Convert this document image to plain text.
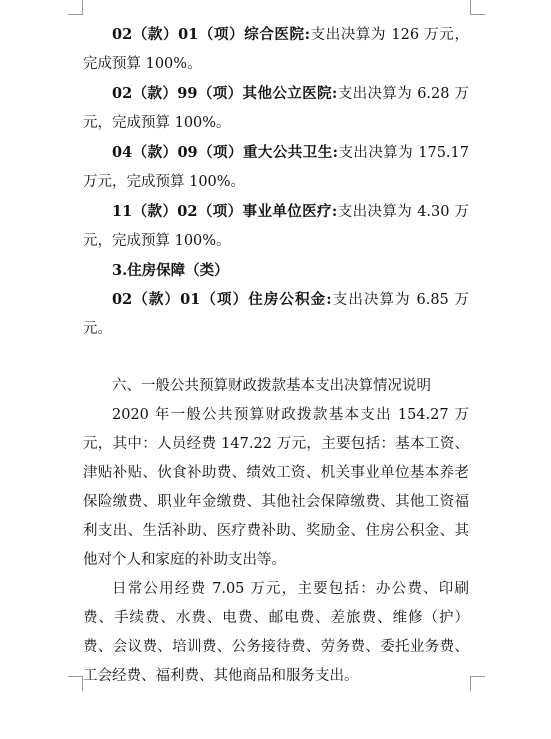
02（款）01（项）综合医院:支出决算为 126 万元，完成预算 100%。

02（款）99（项）其他公立医院:支出决算为 6.28 万元，完成预算 100%。

04（款）09（项）重大公共卫生:支出决算为 175.17 万元，完成预算 100%。

11（款）02（项）事业单位医疗:支出决算为 4.30 万元，完成预算 100%。

3.住房保障（类）

02（款）01（项）住房公积金:支出决算为 6.85 万元。

六、一般公共预算财政拨款基本支出决算情况说明

2020 年一般公共预算财政拨款基本支出 154.27 万元，其中：人员经费 147.22 万元，主要包括：基本工资、津贴补贴、伙食补助费、绩效工资、机关事业单位基本养老保险缴费、职业年金缴费、其他社会保障缴费、其他工资福利支出、生活补助、医疗费补助、奖励金、住房公积金、其他对个人和家庭的补助支出等。

日常公用经费 7.05 万元，主要包括：办公费、印刷费、手续费、水费、电费、邮电费、差旅费、维修（护）费、会议费、培训费、公务接待费、劳务费、委托业务费、工会经费、福利费、其他商品和服务支出。
